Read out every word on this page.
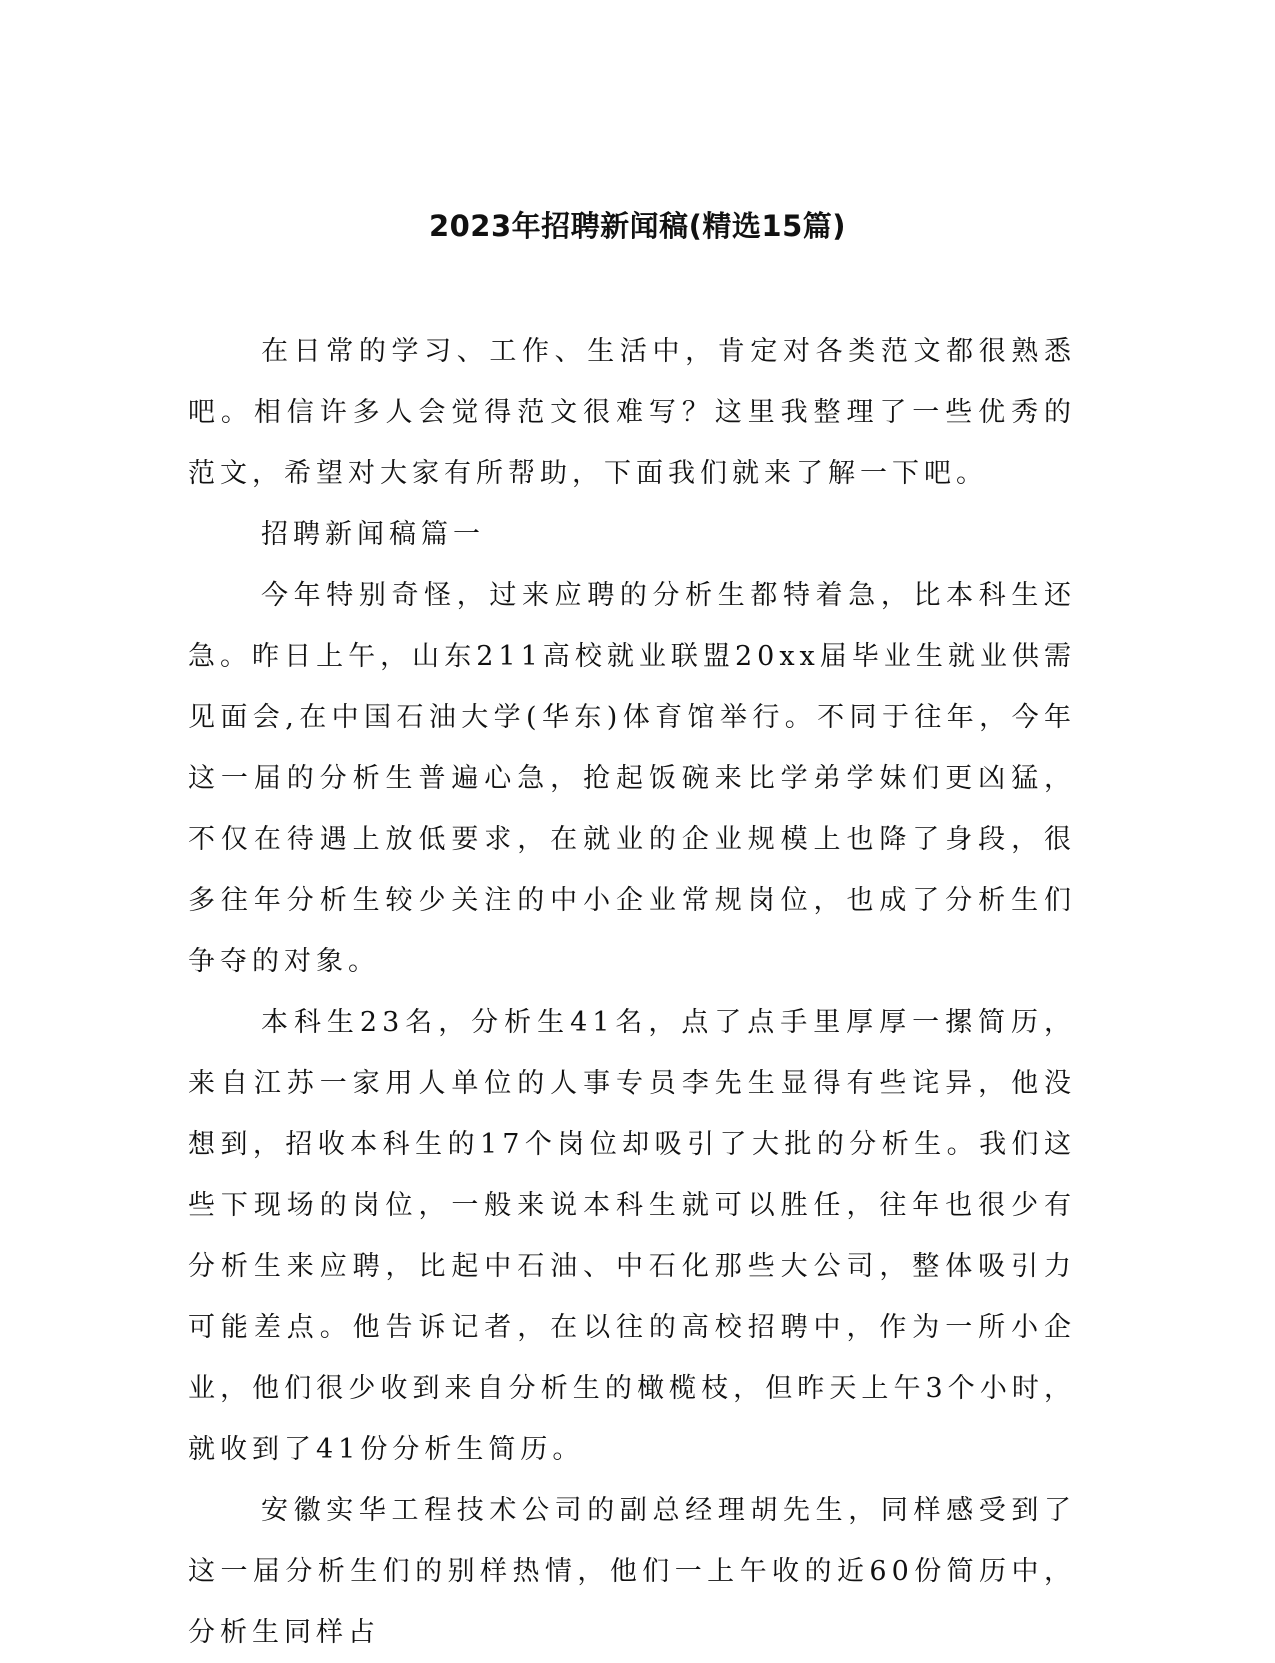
2023年招聘新闻稿(精选15篇)

在日常的学习、工作、生活中，肯定对各类范文都很熟悉吧。相信许多人会觉得范文很难写？这里我整理了一些优秀的范文，希望对大家有所帮助，下面我们就来了解一下吧。

招聘新闻稿篇一

今年特别奇怪，过来应聘的分析生都特着急，比本科生还急。昨日上午，山东211高校就业联盟20xx届毕业生就业供需见面会,在中国石油大学(华东)体育馆举行。不同于往年，今年这一届的分析生普遍心急，抢起饭碗来比学弟学妹们更凶猛，不仅在待遇上放低要求，在就业的企业规模上也降了身段，很多往年分析生较少关注的中小企业常规岗位，也成了分析生们争夺的对象。

本科生23名，分析生41名，点了点手里厚厚一摞简历，来自江苏一家用人单位的人事专员李先生显得有些诧异，他没想到，招收本科生的17个岗位却吸引了大批的分析生。我们这些下现场的岗位，一般来说本科生就可以胜任，往年也很少有分析生来应聘，比起中石油、中石化那些大公司，整体吸引力可能差点。他告诉记者，在以往的高校招聘中，作为一所小企业，他们很少收到来自分析生的橄榄枝，但昨天上午3个小时，就收到了41份分析生简历。

安徽实华工程技术公司的副总经理胡先生，同样感受到了这一届分析生们的别样热情，他们一上午收的近60份简历中，分析生同样占
